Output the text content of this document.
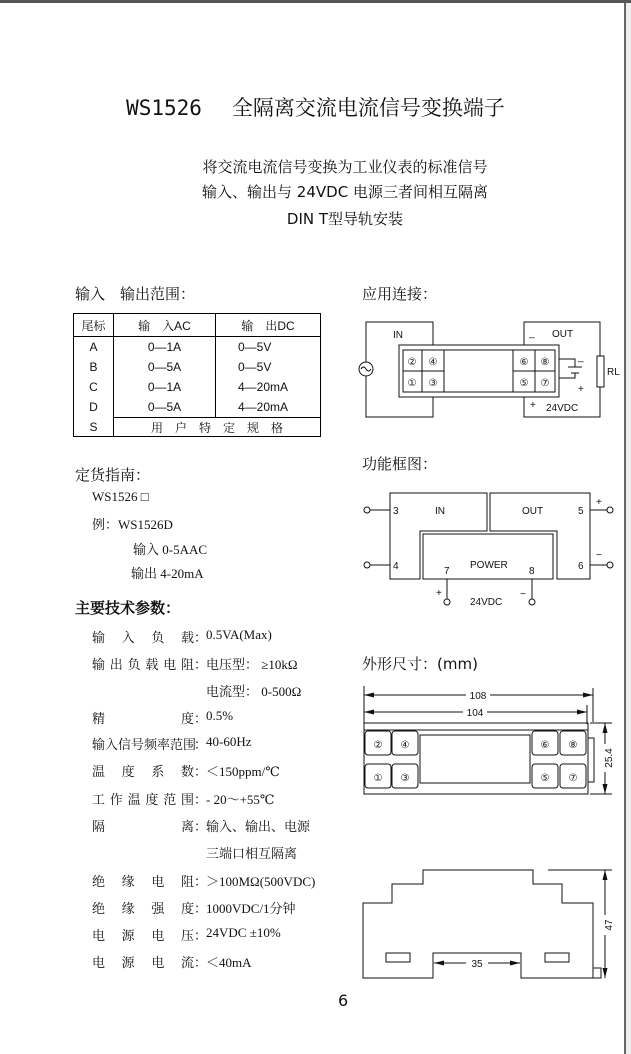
WS1526 全隔离交流电流信号变换端子
将交流电流信号变换为工业仪表的标准信号
输入、输出与 24VDC 电源三者间相互隔离
DIN T型导轨安装
输入　输出范围：
尾标	输　入AC	输　出DC
A	0—1A	0—5V
B	0—5A	0—5V
C	0—1A	4—20mA
D	0—5A	4—20mA
S	用　户　特　定　规　格	
定货指南：
WS1526 □
例：WS1526D
输入 0-5AAC
输出 4-20mA
主要技术参数：
输入负载 ：
0.5VA(Max)
输出负载电阻 ：
电压型： ≥10kΩ
电流型： 0-500Ω
精度 ：
0.5%
输入信号频率范围
：
40-60Hz
温度系数 ：
＜150ppm/℃
工作温度范围 ：
- 20～+55℃
隔离 ：
输入、输出、电源
三端口相互隔离
绝缘电阻 ：
＞100MΩ(500VDC)
绝缘强度 ：
1000VDC/1分钟
电源电压 ：
24VDC ±10%
电源电流 ：
＜40mA
应用连接：
功能框图：
外形尺寸：(mm)
② ④
① ③
⑥ ⑧
⑤ ⑦
IN	_ OUT
RL
_
+
+ 24VDC
3
4
5
6
7	8
IN	OUT
POWER
24VDC
+	−
+
−
② ④
① ③
⑥ ⑧
⑤ ⑦
108
104
25.4
47
35
6
